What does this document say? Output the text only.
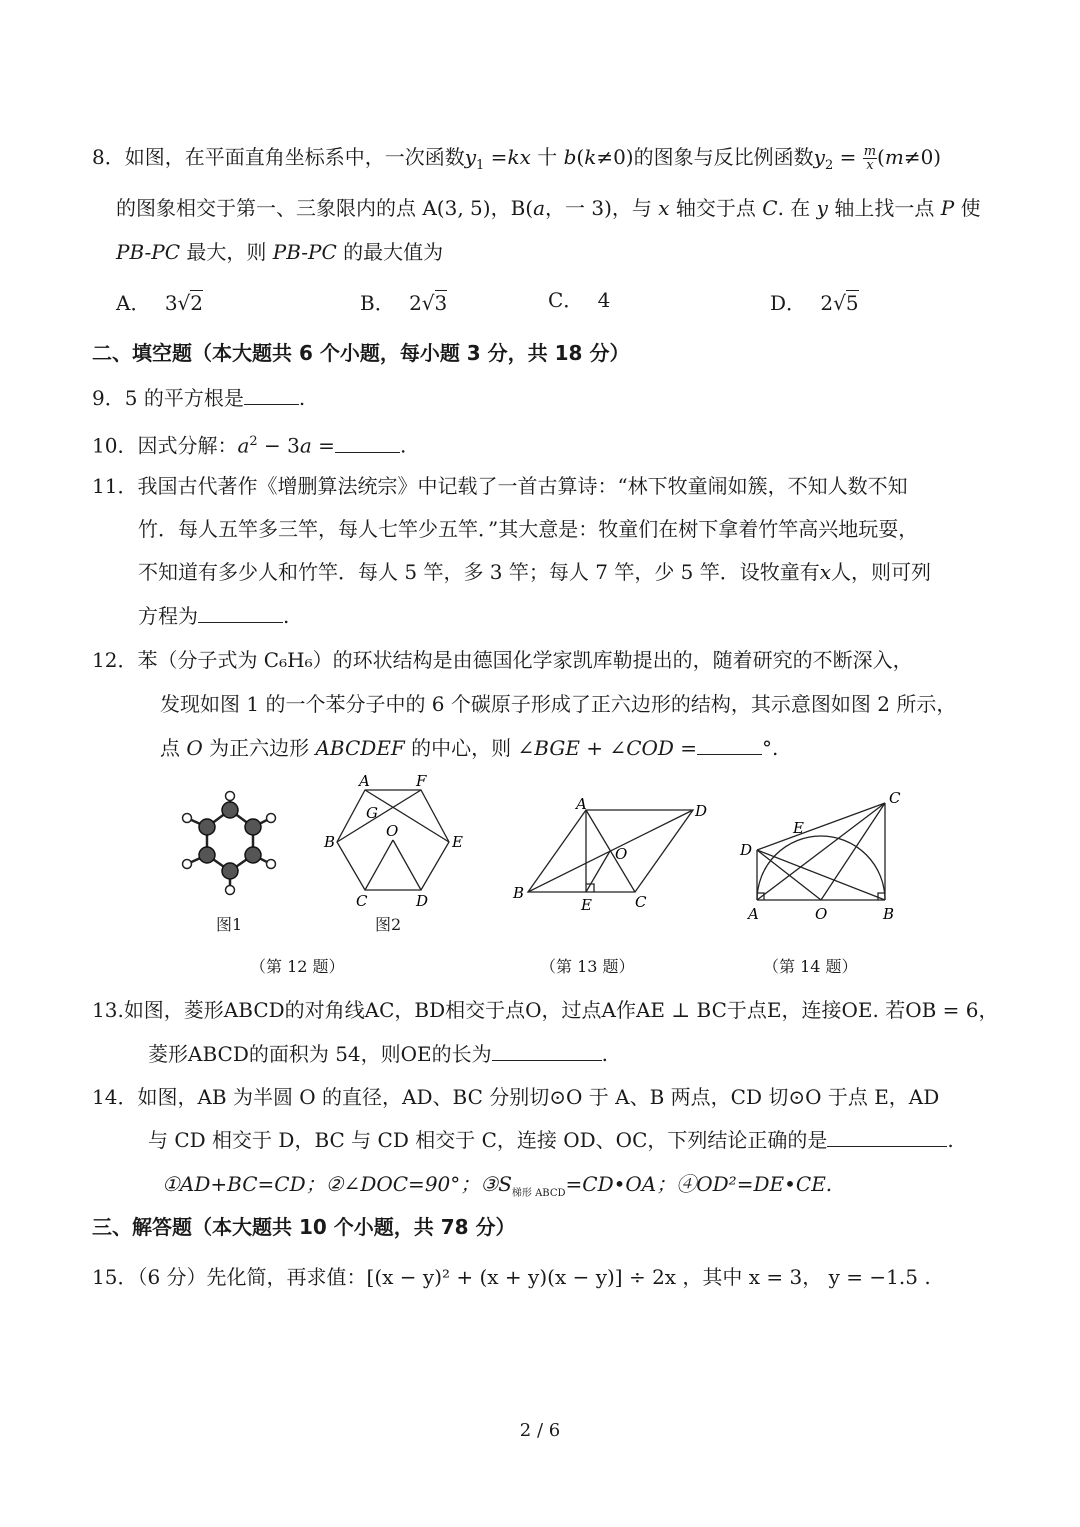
8．如图，在平面直角坐标系中，一次函数$y_1 =kx$ 十 b(k≠0)的图象与反比例函数$y_2 = \frac{m}{x} (m\ne 0)$
的图象相交于第一、三象限内的点 A(3, 5)，B(a，一 3)，与 x 轴交于点 C. 在 y 轴上找一点 P 使
PB-PC 最大，则 PB-PC 的最大值为
A． 3√2	B． 2√3	C． 4	D． 2√5
二、填空题（本大题共 6 个小题，每小题 3 分，共 18 分）
9．5 的平方根是	.
10．因式分解：$a^2 - 3a$ =	.
11．我国古代著作《增删算法统宗》中记载了一首古算诗：“林下牧童闹如簇，不知人数不知
竹．每人五竿多三竿，每人七竿少五竿．”其大意是：牧童们在树下拿着竹竿高兴地玩耍，
不知道有多少人和竹竿．每人 5 竿，多 3 竿；每人 7 竿，少 5 竿．设牧童有x人，则可列
方程为	.
12．苯（分子式为 C₆H₆）的环状结构是由德国化学家凯库勒提出的，随着研究的不断深入，
发现如图 1 的一个苯分子中的 6 个碳原子形成了正六边形的结构，其示意图如图 2 所示，
点 O 为正六边形 ABCDEF 的中心，则 ∠BGE + ∠COD =	°.
图1
A	F
G
O
B	E
C	D
图2
A	D
O
B
E	C
C
E
D
A	O	B
（第 12 题）	（第 13 题）	（第 14 题）
13.如图，菱形ABCD的对角线AC，BD相交于点O，过点A作AE ⊥ BC于点E，连接OE. 若OB = 6，
菱形ABCD的面积为 54，则OE的长为	.
14．如图，AB 为半圆 O 的直径，AD、BC 分别切⊙O 于 A、B 两点，CD 切⊙O 于点 E，AD
与 CD 相交于 D，BC 与 CD 相交于 C，连接 OD、OC，下列结论正确的是	.
①AD+BC=CD；②∠DOC=90°；$③S_{梯形 ABCD}=CD•OA$；④OD²=DE•CE.
三、解答题（本大题共 10 个小题，共 78 分）
15．（6 分）先化简，再求值：[(x − y)² + (x + y)(x − y)] ÷ 2x ，其中 x = 3， y = −1.5 .
2 / 6
